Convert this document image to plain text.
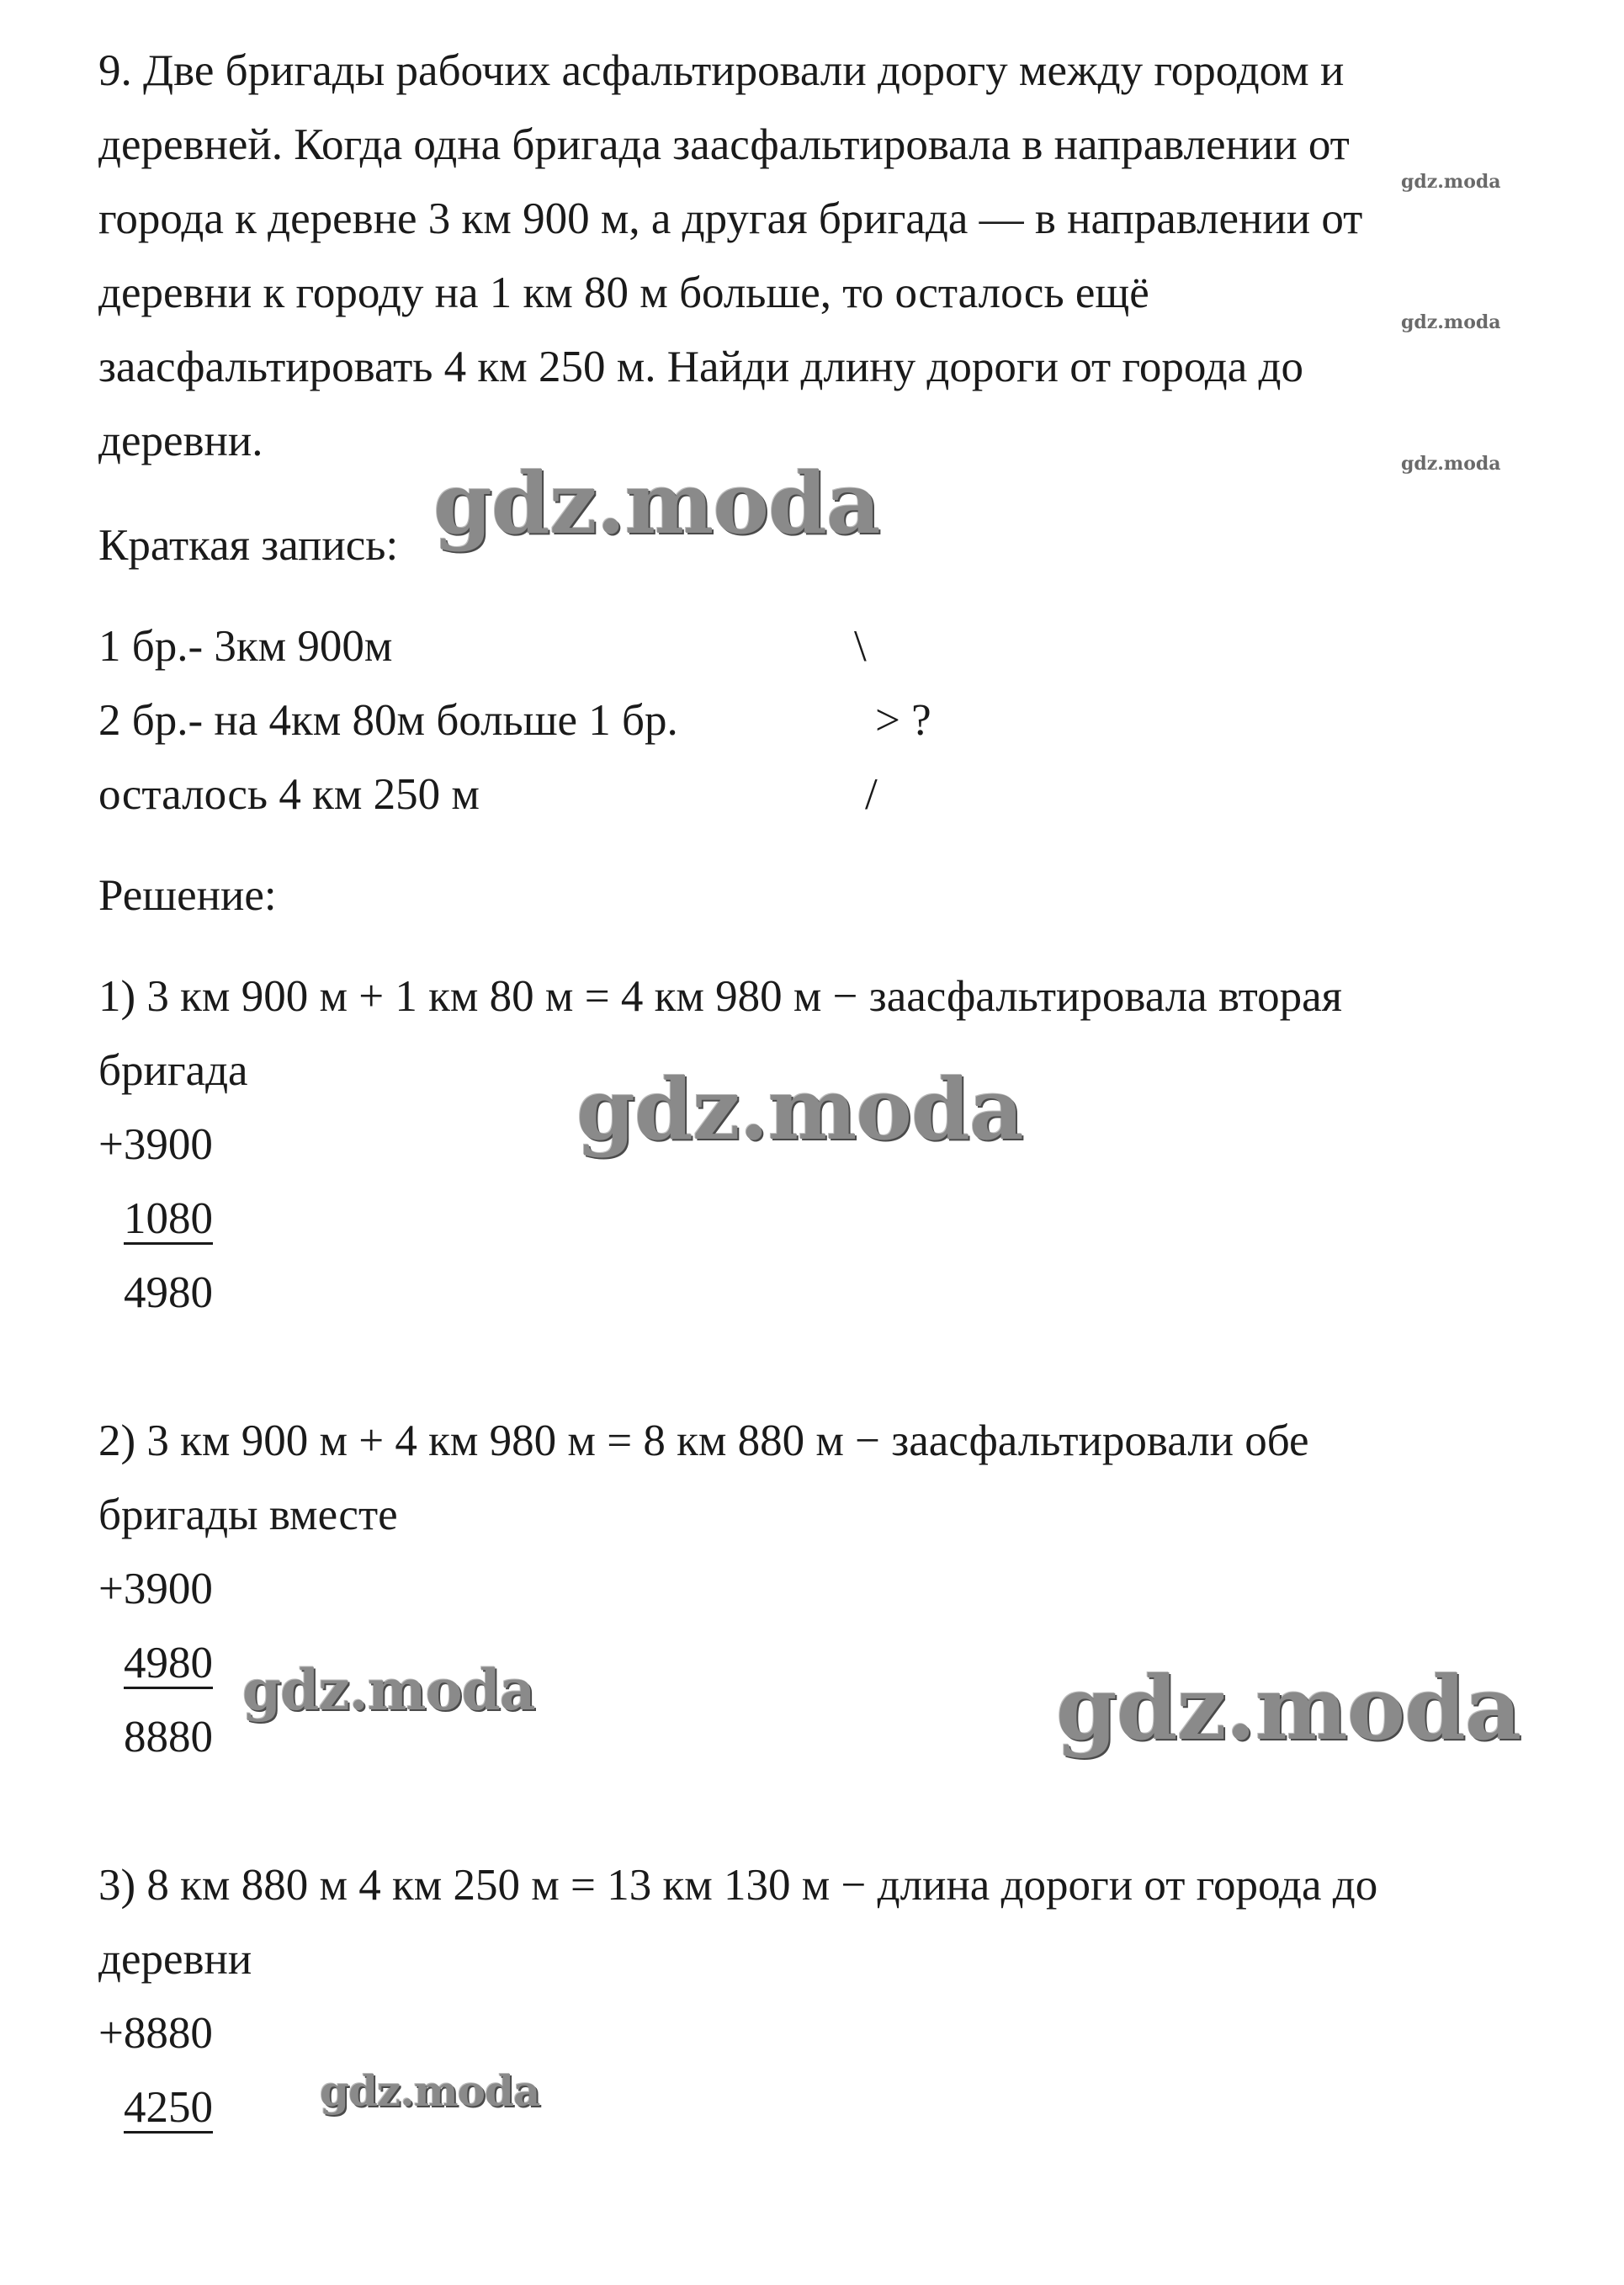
9. Две бригады рабочих асфальтировали дорогу между городом и

деревней. Когда одна бригада заасфальтировала в направлении от

города к деревне 3 км 900 м, а другая бригада — в направлении от

деревни к городу на 1 км 80 м больше, то осталось ещё

заасфальтировать 4 км 250 м. Найди длину дороги от города до

деревни.

Краткая запись:

1 бр.- 3км 900м	\

2 бр.- на 4км 80м больше 1 бр.	> ?

осталось 4 км 250 м	/

Решение:

1) 3 км 900 м + 1 км 80 м = 4 км 980 м − заасфальтировала вторая

бригада

+3900
1080
4980

2) 3 км 900 м + 4 км 980 м = 8 км 880 м − заасфальтировали обе

бригады вместе

+3900
4980
8880

3) 8 км 880 м 4 км 250 м = 13 км 130 м − длина дороги от города до

деревни

+8880
4250
gdz.moda
gdz.moda
gdz.moda
gdz.moda
gdz.moda
gdz.moda	gdz.moda
gdz.moda
